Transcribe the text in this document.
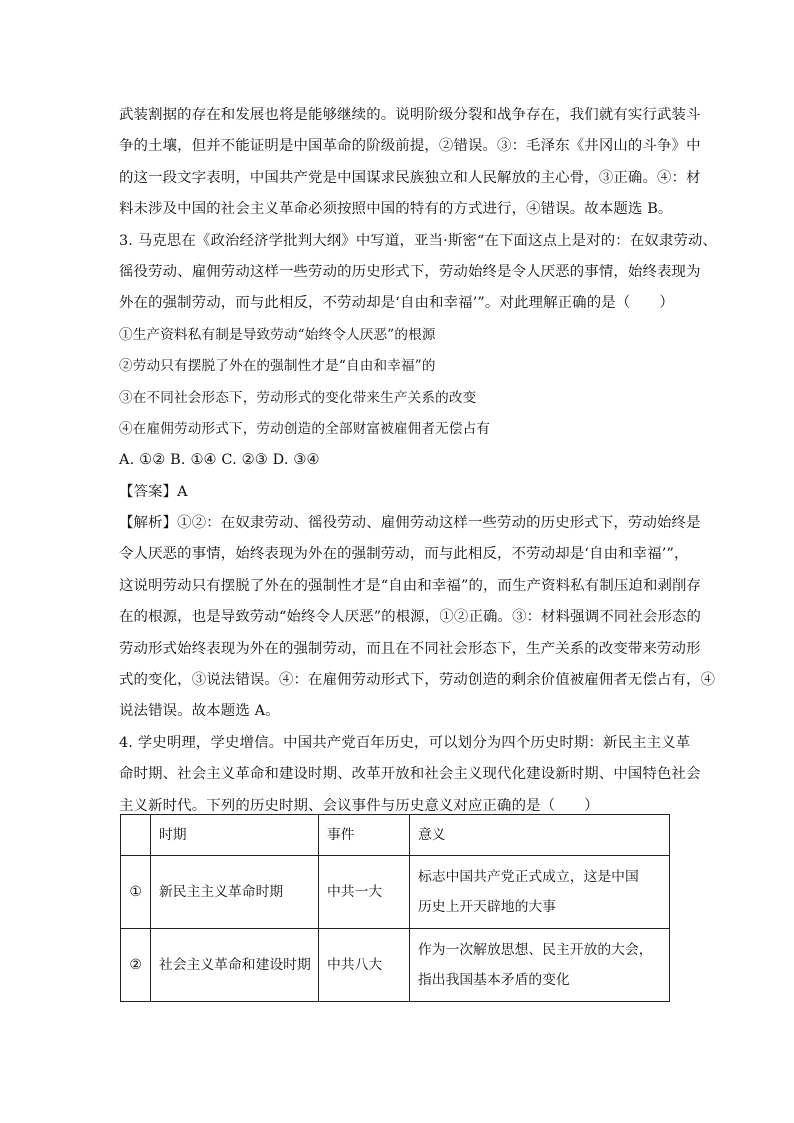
武装割据的存在和发展也将是能够继续的。说明阶级分裂和战争存在，我们就有实行武装斗
争的土壤，但并不能证明是中国革命的阶级前提，②错误。③：毛泽东《井冈山的斗争》中
的这一段文字表明，中国共产党是中国谋求民族独立和人民解放的主心骨，③正确。④：材
料未涉及中国的社会主义革命必须按照中国的特有的方式进行，④错误。故本题选 B。
3. 马克思在《政治经济学批判大纲》中写道，亚当·斯密“在下面这点上是对的：在奴隶劳动、
徭役劳动、雇佣劳动这样一些劳动的历史形式下，劳动始终是令人厌恶的事情，始终表现为
外在的强制劳动，而与此相反，不劳动却是‘自由和幸福’”。对此理解正确的是（　　）
①生产资料私有制是导致劳动“始终令人厌恶”的根源
②劳动只有摆脱了外在的强制性才是“自由和幸福”的
③在不同社会形态下，劳动形式的变化带来生产关系的改变
④在雇佣劳动形式下，劳动创造的全部财富被雇佣者无偿占有
A. ①② B. ①④ C. ②③ D. ③④
【答案】A
【解析】①②：在奴隶劳动、徭役劳动、雇佣劳动这样一些劳动的历史形式下，劳动始终是
令人厌恶的事情，始终表现为外在的强制劳动，而与此相反，不劳动却是‘自由和幸福’”，
这说明劳动只有摆脱了外在的强制性才是“自由和幸福”的，而生产资料私有制压迫和剥削存
在的根源，也是导致劳动“始终令人厌恶”的根源，①②正确。③：材料强调不同社会形态的
劳动形式始终表现为外在的强制劳动，而且在不同社会形态下，生产关系的改变带来劳动形
式的变化，③说法错误。④：在雇佣劳动形式下，劳动创造的剩余价值被雇佣者无偿占有，④
说法错误。故本题选 A。
4. 学史明理，学史增信。中国共产党百年历史，可以划分为四个历史时期：新民主主义革
命时期、社会主义革命和建设时期、改革开放和社会主义现代化建设新时期、中国特色社会
主义新时代。下列的历史时期、会议事件与历史意义对应正确的是（　　）
	时期	事件	意义
①	新民主主义革命时期	中共一大	标志中国共产党正式成立，这是中国
历史上开天辟地的大事

②	社会主义革命和建设时期	中共八大	作为一次解放思想、民主开放的大会，
指出我国基本矛盾的变化
